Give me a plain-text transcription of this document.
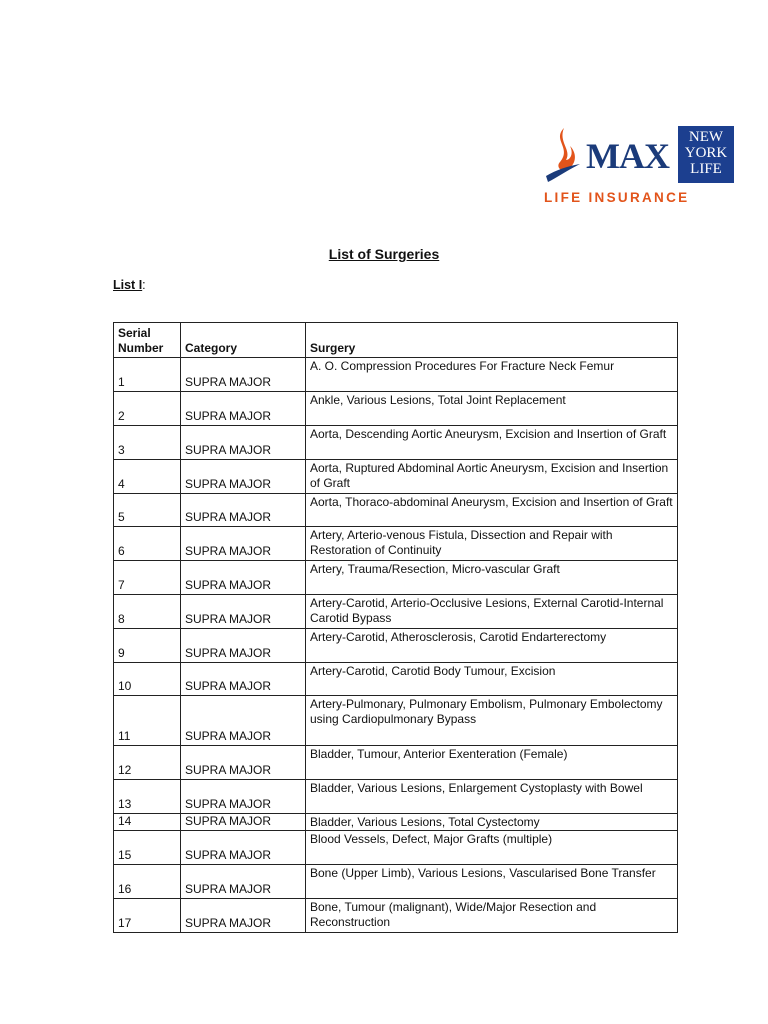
MAX	NEW
YORK
LIFE
LIFE INSURANCE
List of Surgeries
List I:
Serial
Number	Category	Surgery
1	SUPRA MAJOR	A. O. Compression Procedures For Fracture Neck Femur
2	SUPRA MAJOR	Ankle, Various Lesions, Total Joint Replacement
3	SUPRA MAJOR	Aorta, Descending Aortic Aneurysm, Excision and Insertion of Graft
4	SUPRA MAJOR	Aorta, Ruptured Abdominal Aortic Aneurysm, Excision and Insertion of Graft
5	SUPRA MAJOR	Aorta, Thoraco-abdominal Aneurysm, Excision and Insertion of Graft
6	SUPRA MAJOR	Artery, Arterio-venous Fistula, Dissection and Repair with Restoration of Continuity
7	SUPRA MAJOR	Artery, Trauma/Resection, Micro-vascular Graft
8	SUPRA MAJOR	Artery-Carotid, Arterio-Occlusive Lesions, External Carotid-Internal Carotid Bypass
9	SUPRA MAJOR	Artery-Carotid, Atherosclerosis, Carotid Endarterectomy
10	SUPRA MAJOR	Artery-Carotid, Carotid Body Tumour, Excision
11	SUPRA MAJOR	Artery-Pulmonary, Pulmonary Embolism, Pulmonary Embolectomy using Cardiopulmonary Bypass
12	SUPRA MAJOR	Bladder, Tumour, Anterior Exenteration (Female)
13	SUPRA MAJOR	Bladder, Various Lesions, Enlargement Cystoplasty with Bowel
14	SUPRA MAJOR	Bladder, Various Lesions, Total Cystectomy
15	SUPRA MAJOR	Blood Vessels, Defect, Major Grafts (multiple)
16	SUPRA MAJOR	Bone (Upper Limb), Various Lesions, Vascularised Bone Transfer
17	SUPRA MAJOR	Bone, Tumour (malignant), Wide/Major Resection and Reconstruction
